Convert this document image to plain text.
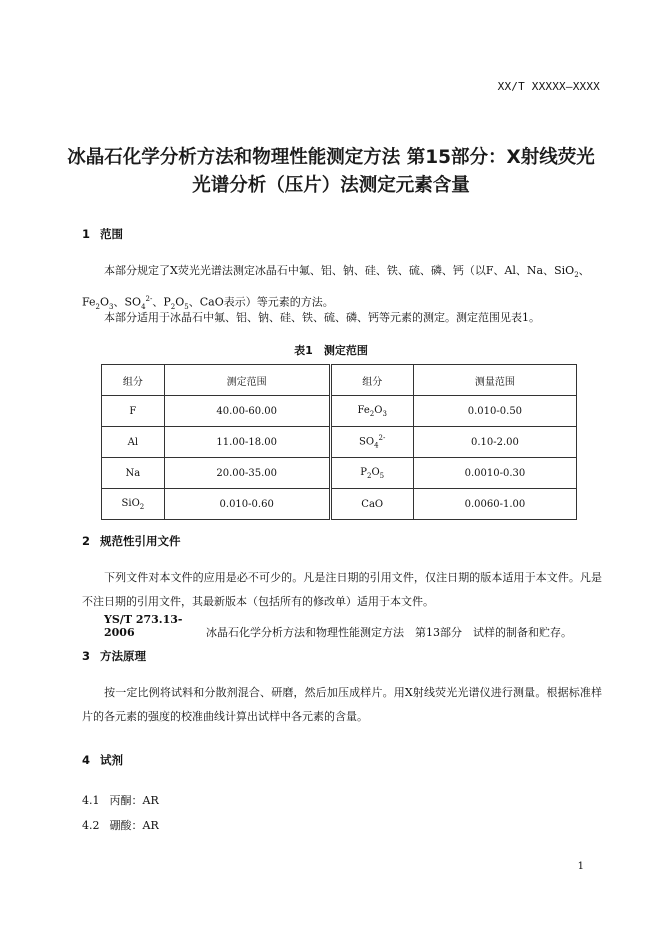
XX/T XXXXX—XXXX
冰晶石化学分析方法和物理性能测定方法 第15部分：X射线荧光
光谱分析（压片）法测定元素含量
1 范围
本部分规定了X荧光光谱法测定冰晶石中氟、铝、钠、硅、铁、硫、磷、钙（以F、Al、Na、SiO$_2$、
$Fe_2O_3$、$SO_4^{2-}$、$P_2O_5$、CaO表示）等元素的方法。
本部分适用于冰晶石中氟、铝、钠、硅、铁、硫、磷、钙等元素的测定。测定范围见表1。
表1　测定范围
组分	测定范围	组分	测量范围
F	40.00-60.00	$Fe_2O_3$	0.010-0.50
Al	11.00-18.00	$SO_4^{2-}$	0.10-2.00
Na	20.00-35.00	$P_2O_5$	0.0010-0.30
SiO$_2$	0.010-0.60	CaO	0.0060-1.00
2 规范性引用文件
下列文件对本文件的应用是必不可少的。凡是注日期的引用文件，仅注日期的版本适用于本文件。凡是不注日期的引用文件，其最新版本（包括所有的修改单）适用于本文件。
YS/T 273.13-2006	冰晶石化学分析方法和物理性能测定方法　第13部分　试样的制备和贮存。
3 方法原理
按一定比例将试料和分散剂混合、研磨，然后加压成样片。用X射线荧光光谱仪进行测量。根据标准样片的各元素的强度的校准曲线计算出试样中各元素的含量。
4 试剂
4.1 丙酮：AR
4.2 硼酸：AR
1
